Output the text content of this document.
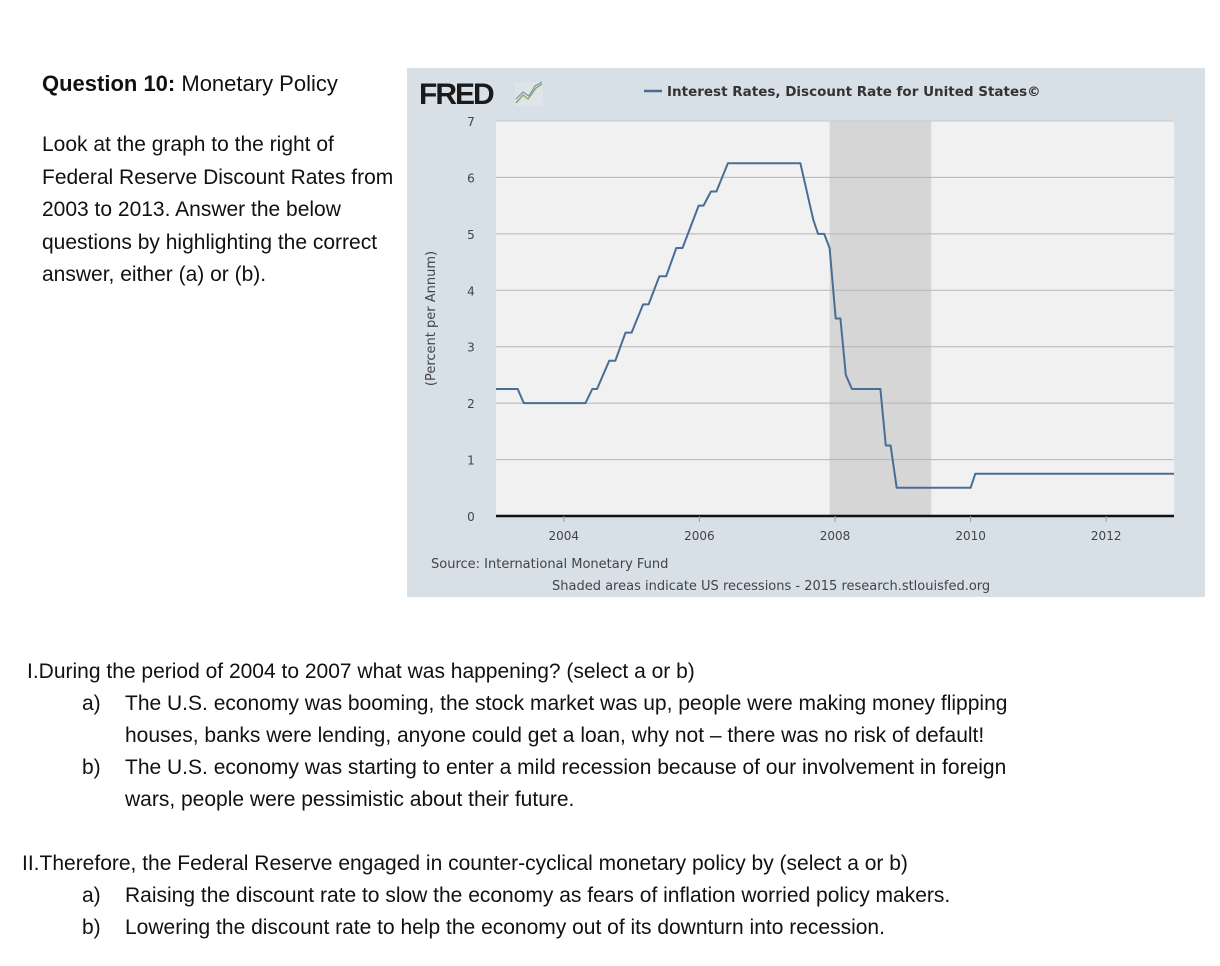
Question 10: Monetary Policy
Look at the graph to the right of Federal Reserve Discount Rates from 2003 to 2013. Answer the below questions by highlighting the correct answer, either (a) or (b).
FRED	Interest Rates, Discount Rate for United States©
0
1
2
3
4
5
6
7
2004	2006	2008	2010	2012
(Percent per Annum)
Source: International Monetary Fund
Shaded areas indicate US recessions - 2015 research.stlouisfed.org
I.During the period of 2004 to 2007 what was happening? (select a or b)
a)	The U.S. economy was booming, the stock market was up, people were making money flipping
houses, banks were lending, anyone could get a loan, why not – there was no risk of default!
b)	The U.S. economy was starting to enter a mild recession because of our involvement in foreign
wars, people were pessimistic about their future.
II.Therefore, the Federal Reserve engaged in counter-cyclical monetary policy by (select a or b)
a)	Raising the discount rate to slow the economy as fears of inflation worried policy makers.
b)	Lowering the discount rate to help the economy out of its downturn into recession.
